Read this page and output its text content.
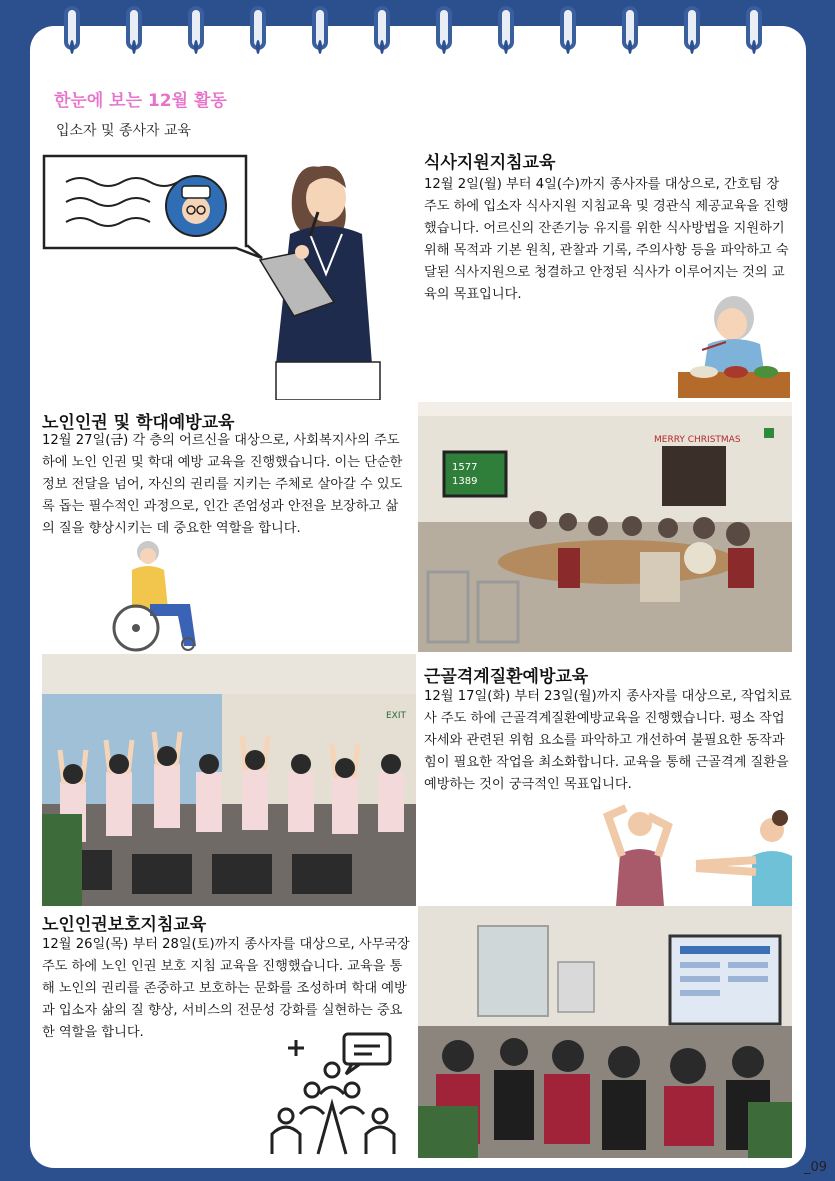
한눈에 보는 12월 활동
입소자 및 종사자 교육
식사지원지침교육
12월 2일(월) 부터 4일(수)까지 종사자를 대상으로, 간호팀 장 주도 하에 입소자 식사지원 지침교육 및 경관식 제공교육을 진행했습니다. 어르신의 잔존기능 유지를 위한 식사방법을 지원하기 위해 목적과 기본 원칙, 관찰과 기록, 주의사항 등을 파악하고 숙달된 식사지원으로 청결하고 안정된 식사가 이루어지는 것의 교육의 목표입니다.
노인인권 및 학대예방교육
12월 27일(금) 각 층의 어르신을 대상으로, 사회복지사의 주도 하에 노인 인권 및 학대 예방 교육을 진행했습니다. 이는 단순한 정보 전달을 넘어, 자신의 권리를 지키는 주체로 살아갈 수 있도록 돕는 필수적인 과정으로, 인간 존엄성과 안전을 보장하고 삶의 질을 향상시키는 데 중요한 역할을 합니다.
1577
1389
MERRY CHRISTMAS
EXIT
근골격계질환예방교육
12월 17일(화) 부터 23일(월)까지 종사자를 대상으로, 작업치료사 주도 하에 근골격계질환예방교육을 진행했습니다. 평소 작업자세와 관련된 위험 요소를 파악하고 개선하여 불필요한 동작과 힘이 필요한 작업을 최소화합니다. 교육을 통해 근골격계 질환을 예방하는 것이 궁극적인 목표입니다.
노인인권보호지침교육
12월 26일(목) 부터 28일(토)까지 종사자를 대상으로, 사무국장 주도 하에 노인 인권 보호 지침 교육을 진행했습니다. 교육을 통해 노인의 권리를 존중하고 보호하는 문화를 조성하며 학대 예방과 입소자 삶의 질 향상, 서비스의 전문성 강화를 실현하는 중요한 역할을 합니다.
_09
